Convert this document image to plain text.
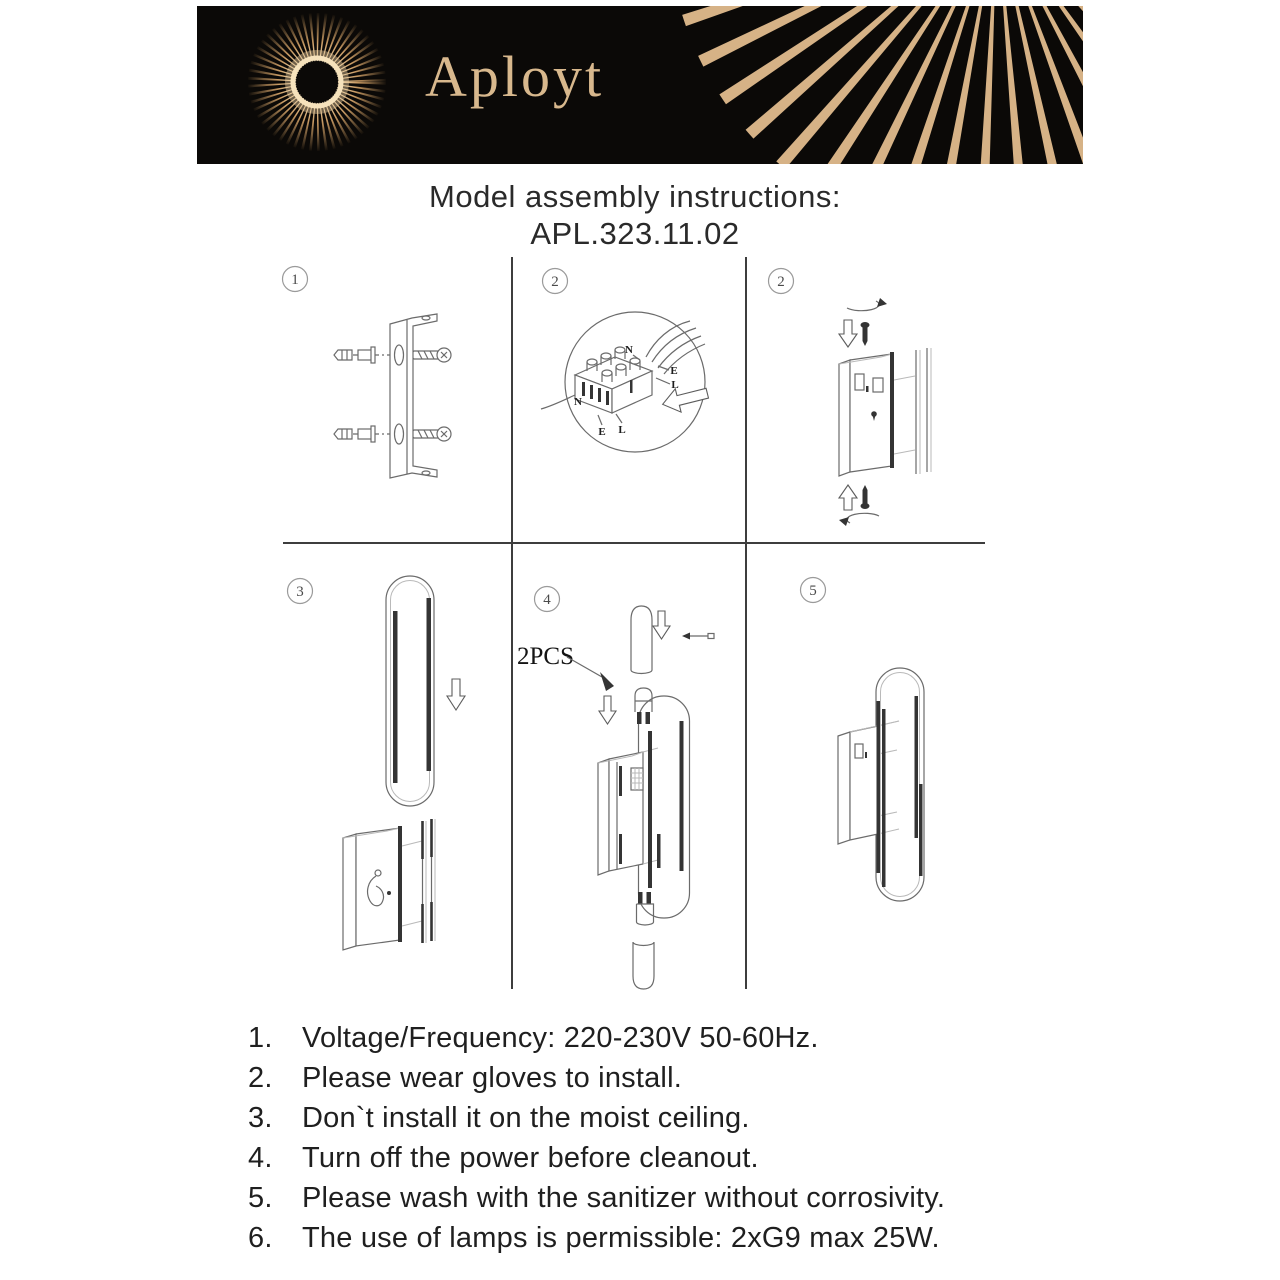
Aployt
Model assembly instructions:
APL.323.11.02
1	2
N
E
L
N
E L
2
3	4
2PCS
5
1.	Voltage/Frequency: 220-230V 50-60Hz.
2.	Please wear gloves to install.
3.	Don`t install it on the moist ceiling.
4.	Turn off the power before cleanout.
5.	Please wash with the sanitizer without corrosivity.
6.	The use of lamps is permissible: 2xG9 max 25W.
